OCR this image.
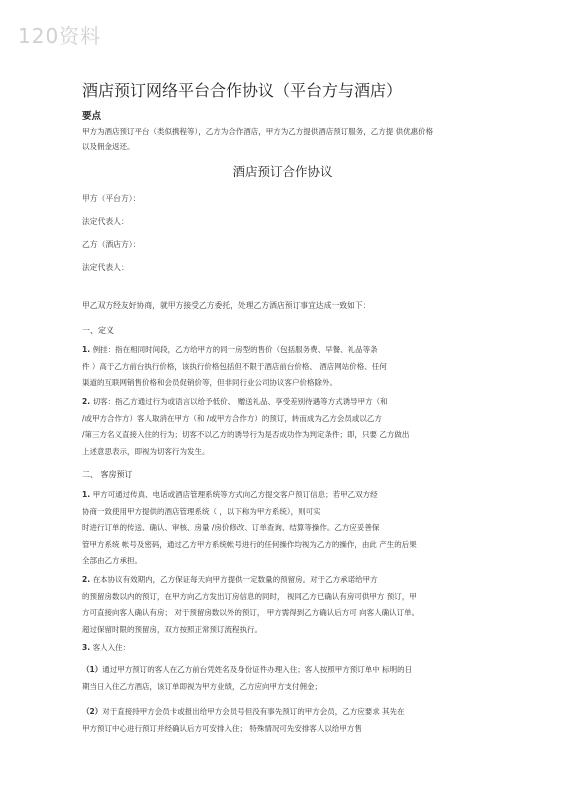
120资料
酒店预订网络平台合作协议（平台方与酒店）
要点
甲方为酒店预订平台（类似携程等），乙方为合作酒店，甲方为乙方提供酒店预订服务，乙方提 供优惠价格
以及佣金返还。
酒店预订合作协议
甲方（平台方）：
法定代表人：
乙方（酒店方）：
法定代表人：
甲乙双方经友好协商，就甲方接受乙方委托，处理乙方酒店预订事宜达成一致如下：
一、定义
1. 例挂：指在相同时间段，乙方给甲方的同一房型的售价（包括服务费、早餐、礼品等条
件 ）高于乙方前台执行价格，该执行价格包括但不限于酒店前台价格、 酒店网站价格、任何
渠道的互联网销售价格和会员促销价等，但非同行业公司协议客户价格除外。
2. 切客：指乙方通过行为或语言以给予低价、 赠送礼品、享受差别待遇等方式诱导甲方（和
/或甲方合作方）客人取消在甲方（和 /或甲方合作方）的预订，转而成为乙方会员或以乙方
/第三方名义直接入住的行为；切客不以乙方的诱导行为是否成功作为判定条件；即，只要 乙方做出
上述意思表示，即视为切客行为发生。
二、 客房预订
1. 甲方可通过传真、电话或酒店管理系统等方式向乙方提交客户预订信息；若甲乙双方经
协商一致使用甲方提供的酒店管理系统（ ，以下称为甲方系统），则可实
时进行订单的传送、确认、审核、房量 /房价修改、订单查询、结算等操作。乙方应妥善保
管甲方系统 帐号及密码，通过乙方甲方系统帐号进行的任何操作均视为乙方的操作，由此 产生的后果
全部由乙方承担。
2. 在本协议有效期内，乙方保证每天向甲方提供一定数量的预留房。对于乙方承诺给甲方
的预留房数以内的预订，在甲方向乙方发出订房信息的同时， 视同乙方已确认有房可供甲方 预订，甲
方可直接向客人确认有房； 对于预留房数以外的预订， 甲方需得到乙方确认后方可 向客人确认订单。
超过保留时限的预留房，双方按照正常预订流程执行。
3. 客人入住：
（1）通过甲方预订的客人在乙方前台凭姓名及身份证件办理入住；客人按照甲方预订单中 标明的日
期当日入住乙方酒店，该订单即视为甲方业绩，乙方应向甲方支付佣金；
（2）对于直接持甲方会员卡或报出给甲方会员号但没有事先预订的甲方会员，乙方应要求 其先在
甲方预订中心进行预订并经确认后方可安排入住； 特殊情况可先安排客人以给甲方售
